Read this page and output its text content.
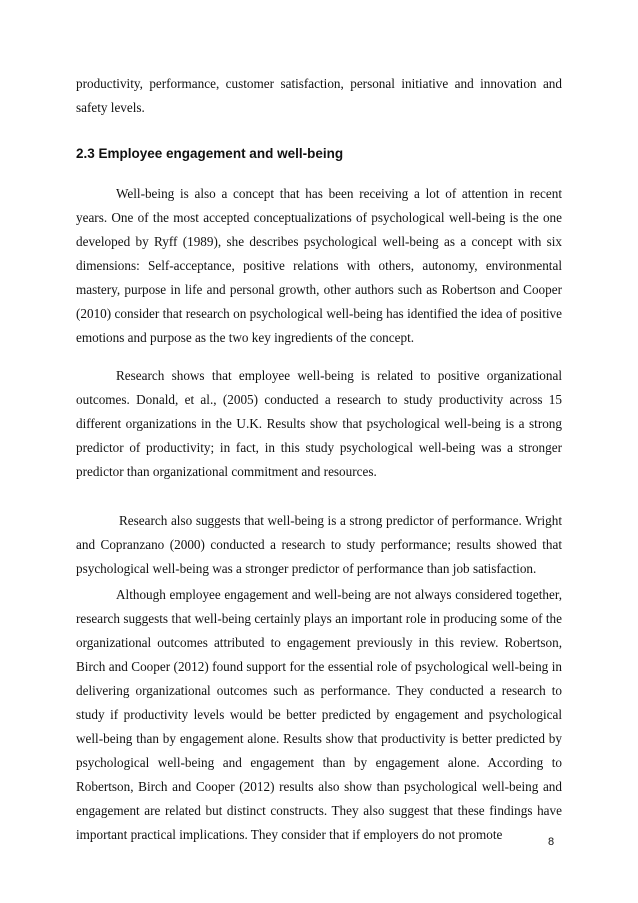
productivity, performance, customer satisfaction, personal initiative and innovation and safety levels.

2.3 Employee engagement and well-being

Well-being is also a concept that has been receiving a lot of attention in recent years. One of the most accepted conceptualizations of psychological well-being is the one developed by Ryff (1989), she describes psychological well-being as a concept with six dimensions: Self-acceptance, positive relations with others, autonomy, environmental mastery, purpose in life and personal growth, other authors such as Robertson and Cooper (2010) consider that research on psychological well-being has identified the idea of positive emotions and purpose as the two key ingredients of the concept.

Research shows that employee well-being is related to positive organizational outcomes. Donald, et al., (2005) conducted a research to study productivity across 15 different organizations in the U.K. Results show that psychological well-being is a strong predictor of productivity; in fact, in this study psychological well-being was a stronger predictor than organizational commitment and resources.

Research also suggests that well-being is a strong predictor of performance. Wright and Copranzano (2000) conducted a research to study performance; results showed that psychological well-being was a stronger predictor of performance than job satisfaction.

Although employee engagement and well-being are not always considered together, research suggests that well-being certainly plays an important role in producing some of the organizational outcomes attributed to engagement previously in this review. Robertson, Birch and Cooper (2012) found support for the essential role of psychological well-being in delivering organizational outcomes such as performance. They conducted a research to study if productivity levels would be better predicted by engagement and psychological well-being than by engagement alone. Results show that productivity is better predicted by psychological well-being and engagement than by engagement alone. According to Robertson, Birch and Cooper (2012) results also show than psychological well-being and engagement are related but distinct constructs. They also suggest that these findings have important practical implications. They consider that if employers do not promote	8
